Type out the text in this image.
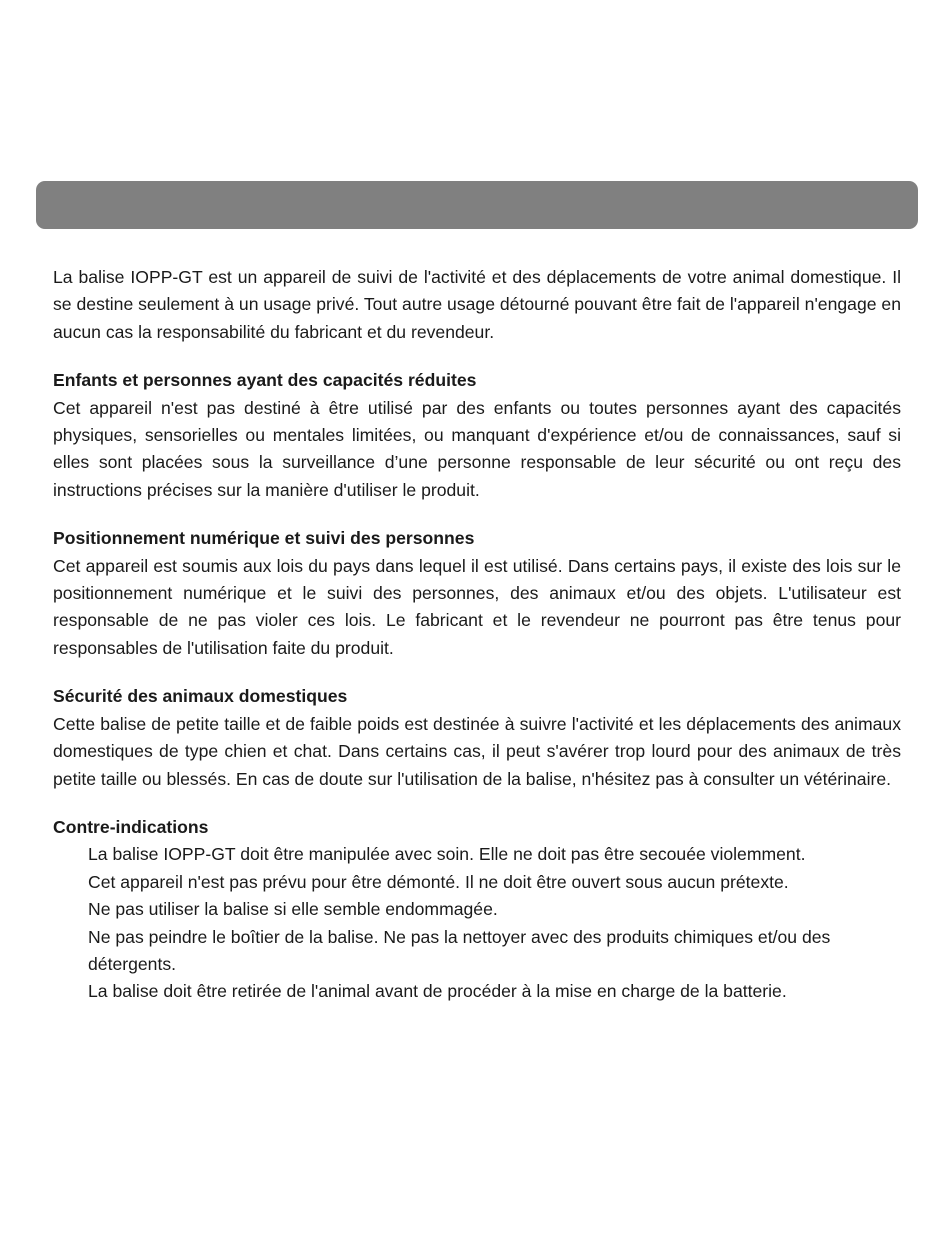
La balise IOPP-GT est un appareil de suivi de l'activité et des déplacements de votre animal domestique. Il se destine seulement à un usage privé. Tout autre usage détourné pouvant être fait de l'appareil n'engage en aucun cas la responsabilité du fabricant et du revendeur.

Enfants et personnes ayant des capacités réduites

Cet appareil n'est pas destiné à être utilisé par des enfants ou toutes personnes ayant des capacités physiques, sensorielles ou mentales limitées, ou manquant d'expérience et/ou de connaissances, sauf si elles sont placées sous la surveillance d’une personne responsable de leur sécurité ou ont reçu des instructions précises sur la manière d'utiliser le produit.

Positionnement numérique et suivi des personnes

Cet appareil est soumis aux lois du pays dans lequel il est utilisé. Dans certains pays, il existe des lois sur le positionnement numérique et le suivi des personnes, des animaux et/ou des objets. L'utilisateur est responsable de ne pas violer ces lois. Le fabricant et le revendeur ne pourront pas être tenus pour responsables de l'utilisation faite du produit.

Sécurité des animaux domestiques

Cette balise de petite taille et de faible poids est destinée à suivre l'activité et les déplacements des animaux domestiques de type chien et chat. Dans certains cas, il peut s'avérer trop lourd pour des animaux de très petite taille ou blessés. En cas de doute sur l'utilisation de la balise, n'hésitez pas à consulter un vétérinaire.

Contre-indications
La balise IOPP-GT doit être manipulée avec soin. Elle ne doit pas être secouée violemment.
Cet appareil n'est pas prévu pour être démonté. Il ne doit être ouvert sous aucun prétexte.
Ne pas utiliser la balise si elle semble endommagée.
Ne pas peindre le boîtier de la balise. Ne pas la nettoyer avec des produits chimiques et/ou des détergents.
La balise doit être retirée de l'animal avant de procéder à la mise en charge de la batterie.
